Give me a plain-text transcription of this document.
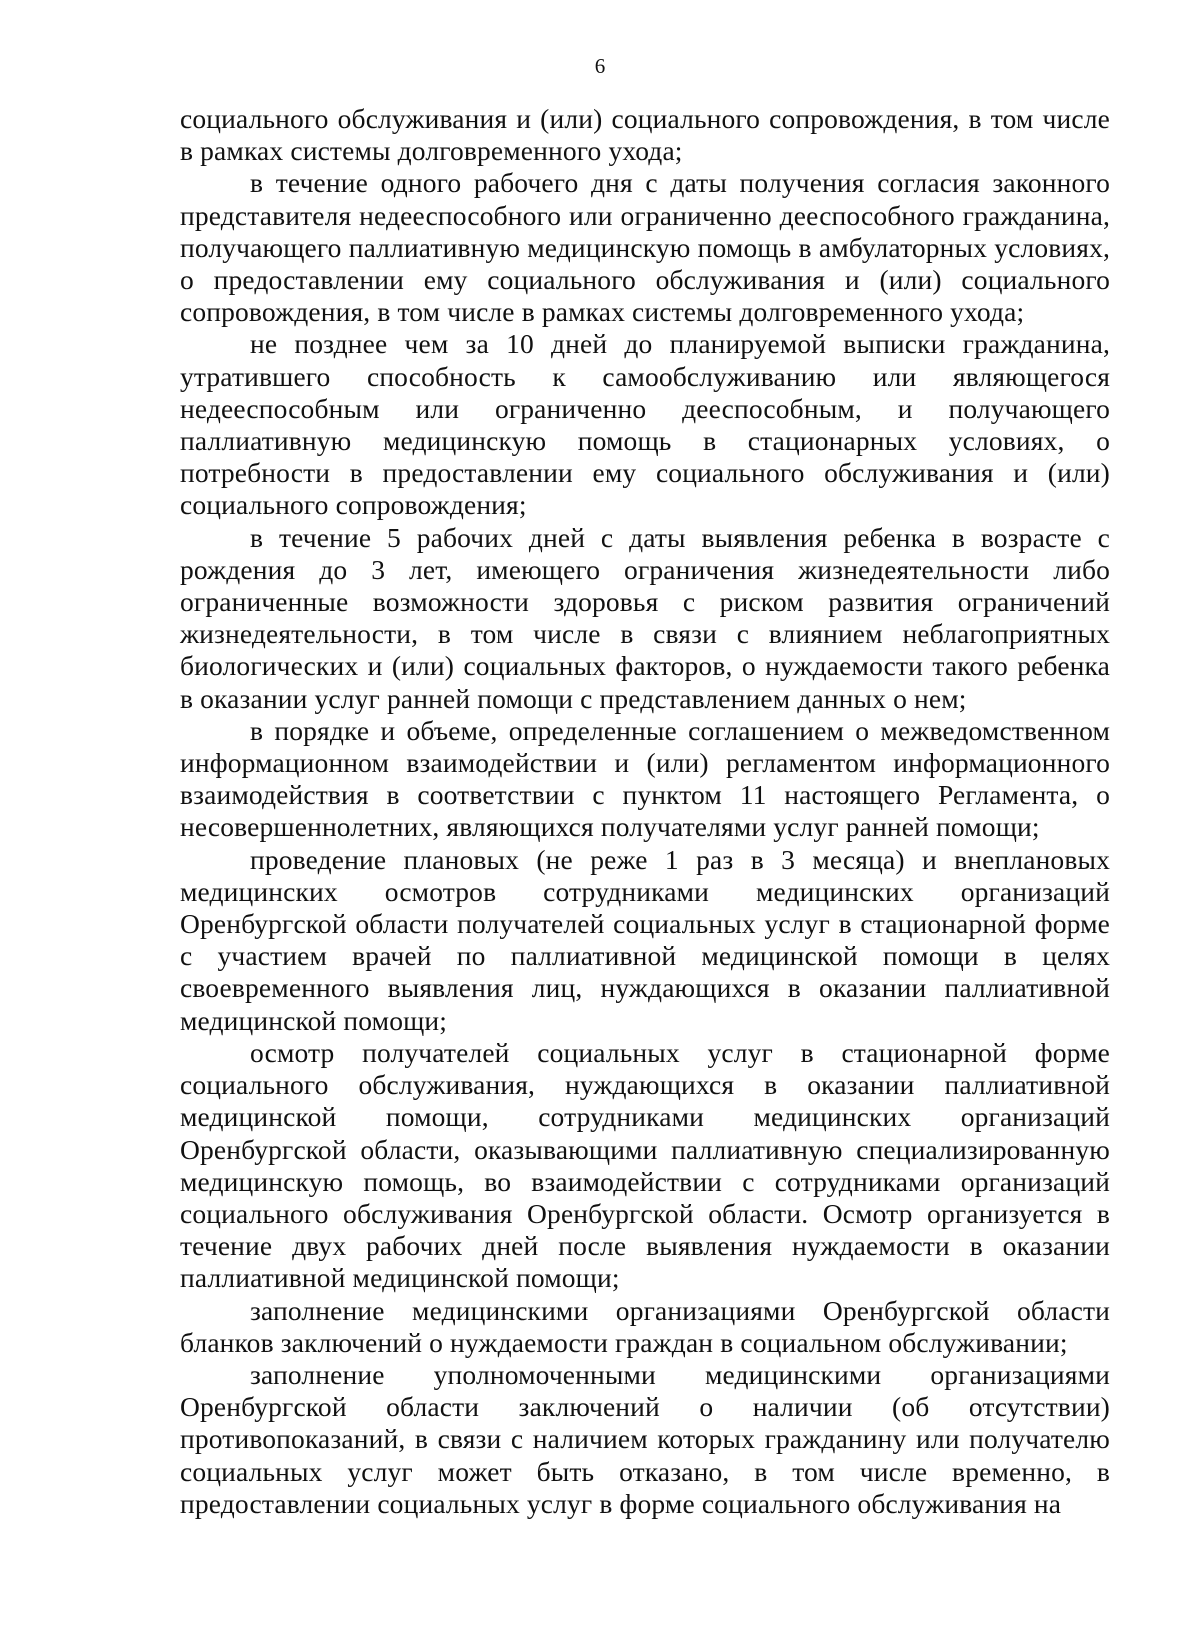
6

социального обслуживания и (или) социального сопровождения, в том числе в рамках системы долговременного ухода;

в течение одного рабочего дня с даты получения согласия законного представителя недееспособного или ограниченно дееспособного гражданина, получающего паллиативную медицинскую помощь в амбулаторных условиях, о предоставлении ему социального обслуживания и (или) социального сопровождения, в том числе в рамках системы долговременного ухода;

не позднее чем за 10 дней до планируемой выписки гражданина, утратившего способность к самообслуживанию или являющегося недееспособным или ограниченно дееспособным, и получающего паллиативную медицинскую помощь в стационарных условиях, о потребности в предоставлении ему социального обслуживания и (или) социального сопровождения;

в течение 5 рабочих дней с даты выявления ребенка в возрасте с рождения до 3 лет, имеющего ограничения жизнедеятельности либо ограниченные возможности здоровья с риском развития ограничений жизнедеятельности, в том числе в связи с влиянием неблагоприятных биологических и (или) социальных факторов, о нуждаемости такого ребенка в оказании услуг ранней помощи с представлением данных о нем;

в порядке и объеме, определенные соглашением о межведомственном информационном взаимодействии и (или) регламентом информационного взаимодействия в соответствии с пунктом 11 настоящего Регламента, о несовершеннолетних, являющихся получателями услуг ранней помощи;

проведение плановых (не реже 1 раз в 3 месяца) и внеплановых медицинских осмотров сотрудниками медицинских организаций Оренбургской области получателей социальных услуг в стационарной форме с участием врачей по паллиативной медицинской помощи в целях своевременного выявления лиц, нуждающихся в оказании паллиативной медицинской помощи;

осмотр получателей социальных услуг в стационарной форме социального обслуживания, нуждающихся в оказании паллиативной медицинской помощи, сотрудниками медицинских организаций Оренбургской области, оказывающими паллиативную специализированную медицинскую помощь, во взаимодействии с сотрудниками организаций социального обслуживания Оренбургской области. Осмотр организуется в течение двух рабочих дней после выявления нуждаемости в оказании паллиативной медицинской помощи;

заполнение медицинскими организациями Оренбургской области бланков заключений о нуждаемости граждан в социальном обслуживании;

заполнение уполномоченными медицинскими организациями Оренбургской области заключений о наличии (об отсутствии) противопоказаний, в связи с наличием которых гражданину или получателю социальных услуг может быть отказано, в том числе временно, в предоставлении социальных услуг в форме социального обслуживания на
